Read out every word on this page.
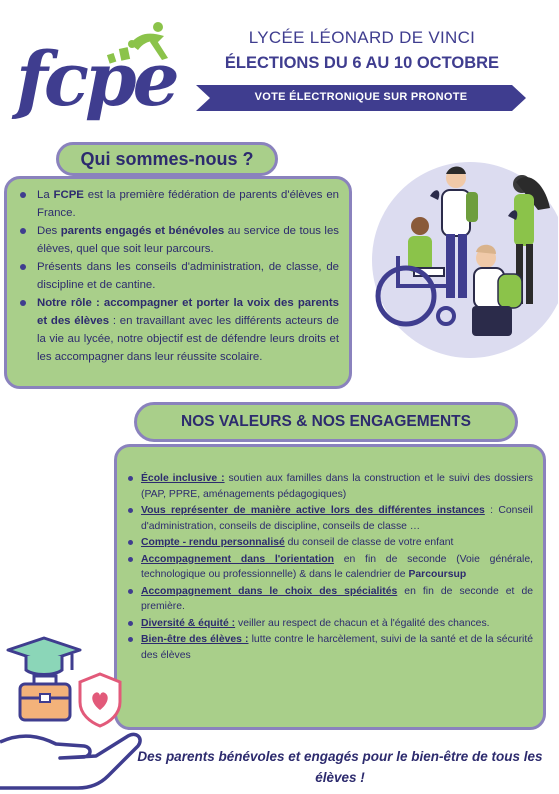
fcpe	LYCÉE LÉONARD DE VINCI
ÉLECTIONS DU 6 AU 10 OCTOBRE
VOTE ÉLECTRONIQUE SUR PRONOTE
Qui sommes-nous ?
La FCPE est la première fédération de parents d'élèves en France.
Des parents engagés et bénévoles au service de tous les élèves, quel que soit leur parcours.
Présents dans les conseils d'administration, de classe, de discipline et de cantine.
Notre rôle : accompagner et porter la voix des parents et des élèves : en travaillant avec les différents acteurs de la vie au lycée, notre objectif est de défendre leurs droits et les accompagner dans leur réussite scolaire.
NOS VALEURS & NOS ENGAGEMENTS
École inclusive : soutien aux familles dans la construction et le suivi des dossiers (PAP, PPRE, aménagements pédagogiques)
Vous représenter de manière active lors des différentes instances : Conseil d'administration, conseils de discipline, conseils de classe …
Compte - rendu personnalisé du conseil de classe de votre enfant
Accompagnement dans l'orientation en fin de seconde (Voie générale, technologique ou professionnelle) & dans le calendrier de Parcoursup
Accompagnement dans le choix des spécialités en fin de seconde et de première.
Diversité & équité : veiller au respect de chacun et à l'égalité des chances.
Bien-être des élèves : lutte contre le harcèlement, suivi de la santé et de la sécurité des élèves
Des parents bénévoles et engagés pour le bien-être de tous les élèves !
